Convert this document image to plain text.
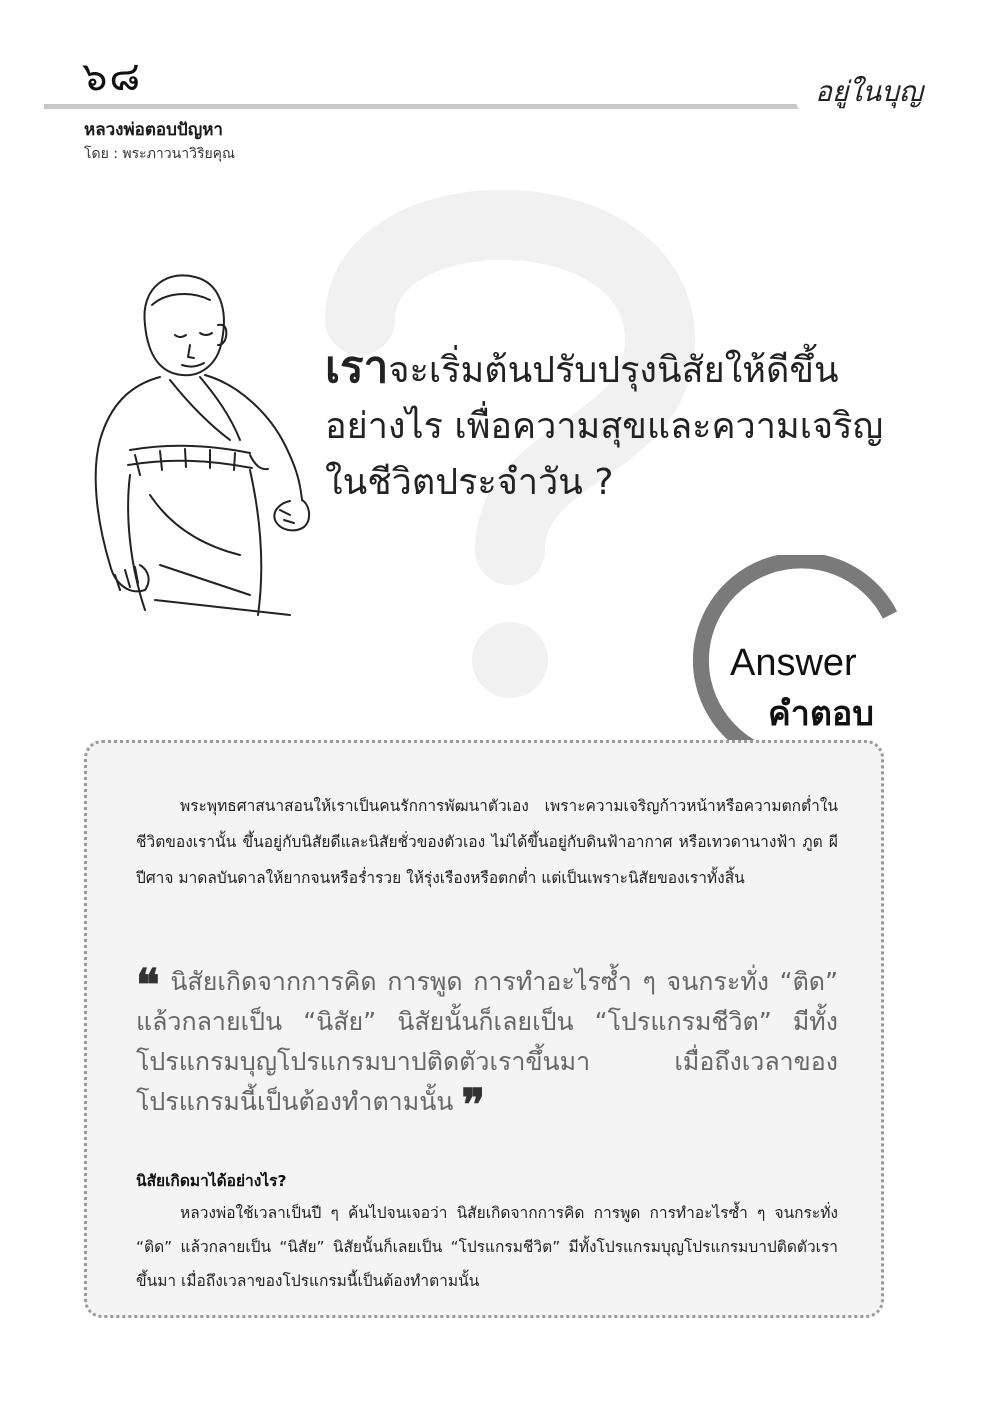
๖๘	อยู่ในบุญ
หลวงพ่อตอบปัญหา
โดย : พระภาวนาวิริยคุณ
เราจะเริ่มต้นปรับปรุงนิสัยให้ดีขึ้น อย่างไร เพื่อความสุขและความเจริญ ในชีวิตประจำวัน ?
Answer
คำตอบ
พระพุทธศาสนาสอนให้เราเป็นคนรักการพัฒนาตัวเอง เพราะความเจริญก้าวหน้าหรือความตกต่ำในชีวิตของเรานั้น ขึ้นอยู่กับนิสัยดีและนิสัยชั่วของตัวเอง ไม่ได้ขึ้นอยู่กับดินฟ้าอากาศ หรือเทวดานางฟ้า ภูต ผี ปีศาจ มาดลบันดาลให้ยากจนหรือร่ำรวย ให้รุ่งเรืองหรือตกต่ำ แต่เป็นเพราะนิสัยของเราทั้งสิ้น
❝ นิสัยเกิดจากการคิด การพูด การทำอะไรซ้ำ ๆ จนกระทั่ง “ติด” แล้วกลายเป็น “นิสัย” นิสัยนั้นก็เลยเป็น “โปรแกรมชีวิต” มีทั้งโปรแกรมบุญโปรแกรมบาปติดตัวเราขึ้นมา เมื่อถึงเวลาของโปรแกรมนี้เป็นต้องทำตามนั้น ❞
นิสัยเกิดมาได้อย่างไร?
หลวงพ่อใช้เวลาเป็นปี ๆ ค้นไปจนเจอว่า นิสัยเกิดจากการคิด การพูด การทำอะไรซ้ำ ๆ จนกระทั่ง “ติด” แล้วกลายเป็น “นิสัย” นิสัยนั้นก็เลยเป็น “โปรแกรมชีวิต” มีทั้งโปรแกรมบุญโปรแกรมบาปติดตัวเราขึ้นมา เมื่อถึงเวลาของโปรแกรมนี้เป็นต้องทำตามนั้น
